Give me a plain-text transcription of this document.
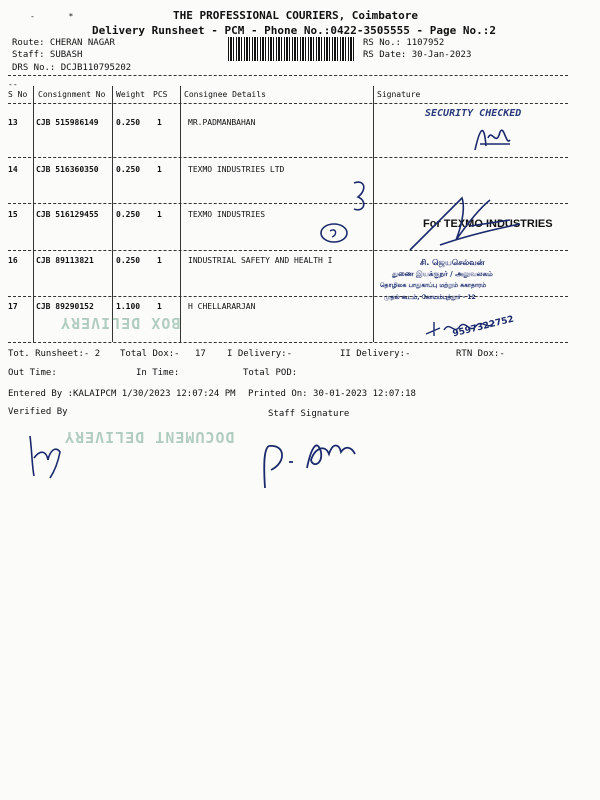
-       *	THE PROFESSIONAL COURIERS, Coimbatore
Delivery Runsheet - PCM - Phone No.:0422-3505555 - Page No.:2
Route: CHERAN NAGAR
Staff: SUBASH
DRS No.: DCJB110795202
RS No.: 1107952
RS Date: 30-Jan-2023
--
S No Consignment No Weight PCS Consignee Details	Signature
13 CJB 515986149 0.250 1	MR.PADMANBAHAN
14 CJB 516360350 0.250 1	TEXMO INDUSTRIES LTD
15 CJB 516129455 0.250 1	TEXMO INDUSTRIES
16 CJB 89113821	0.250 1	INDUSTRIAL SAFETY AND HEALTH I
17 CJB 89290152	1.100 1	H CHELLARARJAN
BOX DELIVERY
DOCUMENT DELIVERY
Tot. Runsheet:- 2 Total Dox:- 17 I Delivery:-	II Delivery:-	RTN Dox:-
Out Time:	In Time:	Total POD:
Entered By :KALAIPCM 1/30/2023 12:07:24 PM Printed On: 30-01-2023 12:07:18
Verified By	Staff Signature
SECURITY CHECKED
For TEXMO INDUSTRIES
சி. ஜெயசெல்வன்
துணை இயக்குநர் / அலுவலகம்
தொழிலக பாதுகாப்பு மற்றும் சுகாதாரம்
முதல் கூடம், கோயம்புத்தூர் - 12
9597322752
